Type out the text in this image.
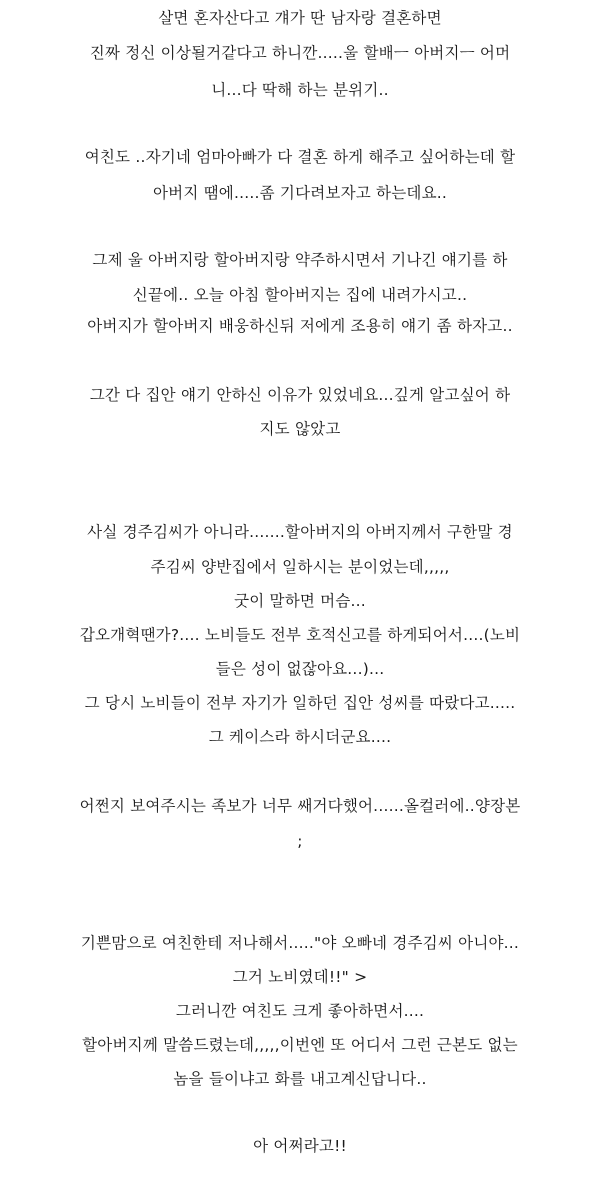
살면 혼자산다고 걔가 딴 남자랑 결혼하면
진짜 정신 이상될거같다고 하니깐.....울 할배ㅡ 아버지ㅡ 어머
니...다 딱해 하는 분위기..
여친도 ..자기네 엄마아빠가 다 결혼 하게 해주고 싶어하는데 할
아버지 땜에.....좀 기다려보자고 하는데요..
그제 울 아버지랑 할아버지랑 약주하시면서 기나긴 얘기를 하
신끝에.. 오늘 아침 할아버지는 집에 내려가시고..
아버지가 할아버지 배웅하신뒤 저에게 조용히 얘기 좀 하자고..
그간 다 집안 얘기 안하신 이유가 있었네요...깊게 알고싶어 하
지도 않았고
사실 경주김씨가 아니라.......할아버지의 아버지께서 구한말 경
주김씨 양반집에서 일하시는 분이었는데,,,,,
굿이 말하면 머슴...
갑오개혁땐가?.... 노비들도 전부 호적신고를 하게되어서....(노비
들은 성이 없잖아요...)...
그 당시 노비들이 전부 자기가 일하던 집안 성씨를 따랐다고.....
그 케이스라 하시더군요....
어쩐지 보여주시는 족보가 너무 쌔거다했어......올컬러에..양장본
;
기쁜맘으로 여친한테 저나해서....."야 오빠네 경주김씨 아니야...
그거 노비였데!!" >
그러니깐 여친도 크게 좋아하면서....
할아버지께 말씀드렸는데,,,,,이번엔 또 어디서 그런 근본도 없는
놈을 들이냐고 화를 내고계신답니다..
아 어쩌라고!!
